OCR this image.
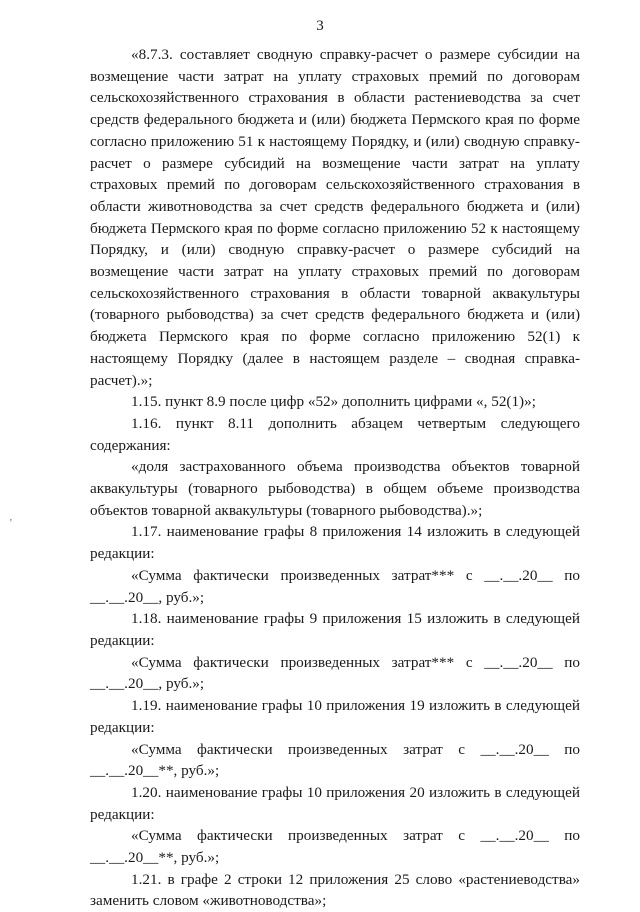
3
'

«8.7.3. составляет сводную справку-расчет о размере субсидии на возмещение части затрат на уплату страховых премий по договорам сельскохозяйственного страхования в области растениеводства за счет средств федерального бюджета и (или) бюджета Пермского края по форме согласно приложению 51 к настоящему Порядку, и (или) сводную справку-расчет о размере субсидий на возмещение части затрат на уплату страховых премий по договорам сельскохозяйственного страхования в области животноводства за счет средств федерального бюджета и (или) бюджета Пермского края по форме согласно приложению 52 к настоящему Порядку, и (или) сводную справку-расчет о размере субсидий на возмещение части затрат на уплату страховых премий по договорам сельскохозяйственного страхования в области товарной аквакультуры (товарного рыбоводства) за счет средств федерального бюджета и (или) бюджета Пермского края по форме согласно приложению 52(1) к настоящему Порядку (далее в настоящем разделе – сводная справка-расчет).»;

1.15. пункт 8.9 после цифр «52» дополнить цифрами «, 52(1)»;

1.16. пункт 8.11 дополнить абзацем четвертым следующего содержания:

«доля застрахованного объема производства объектов товарной аквакультуры (товарного рыбоводства) в общем объеме производства объектов товарной аквакультуры (товарного рыбоводства).»;

1.17. наименование графы 8 приложения 14 изложить в следующей редакции:

«Сумма фактически произведенных затрат*** с __.__.20__ по __.__.20__, руб.»;

1.18. наименование графы 9 приложения 15 изложить в следующей редакции:

«Сумма фактически произведенных затрат*** с __.__.20__ по __.__.20__, руб.»;

1.19. наименование графы 10 приложения 19 изложить в следующей редакции:

«Сумма фактически произведенных затрат с __.__.20__ по __.__.20__**, руб.»;

1.20. наименование графы 10 приложения 20 изложить в следующей редакции:

«Сумма фактически произведенных затрат с __.__.20__ по __.__.20__**, руб.»;

1.21. в графе 2 строки 12 приложения 25 слово «растениеводства» заменить словом «животноводства»;
